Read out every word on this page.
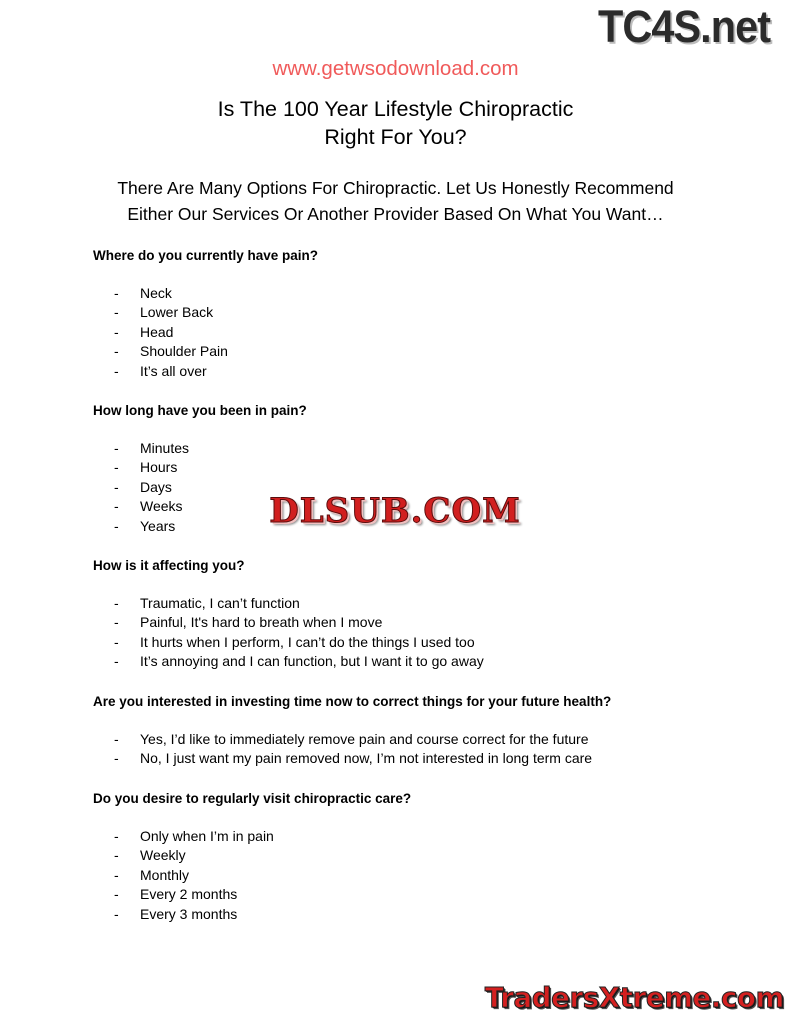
TC4S.net
www.getwsodownload.com
Is The 100 Year Lifestyle Chiropractic
Right For You?
There Are Many Options For Chiropractic. Let Us Honestly Recommend
Either Our Services Or Another Provider Based On What You Want…

Where do you currently have pain?

- Neck
- Lower Back
- Head
- Shoulder Pain
- It’s all over

How long have you been in pain?

- Minutes
- Hours
- Days
- Weeks
- Years

How is it affecting you?

- Traumatic, I can’t function
- Painful, It's hard to breath when I move
- It hurts when I perform, I can’t do the things I used too
- It’s annoying and I can function, but I want it to go away

Are you interested in investing time now to correct things for your future health?

- Yes, I’d like to immediately remove pain and course correct for the future
- No, I just want my pain removed now, I’m not interested in long term care

Do you desire to regularly visit chiropractic care?

- Only when I’m in pain
- Weekly
- Monthly
- Every 2 months
- Every 3 months
DLSUB.COM
TradersXtreme.com
